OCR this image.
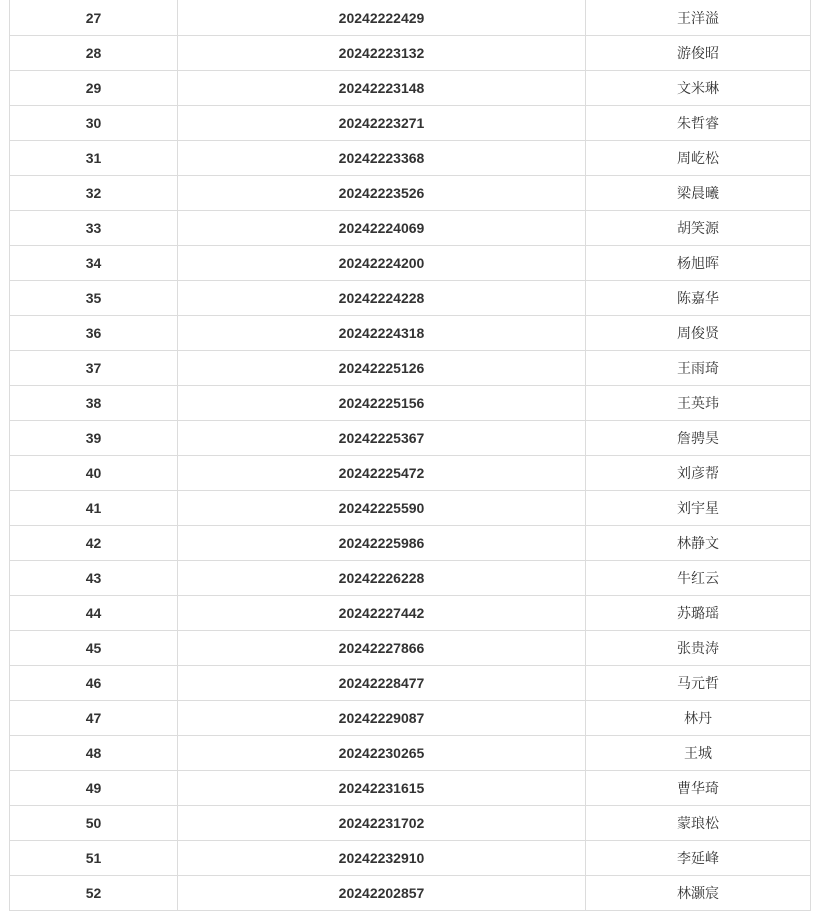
27	20242222429	王洋溢
28	20242223132	游俊昭
29	20242223148	文米琳
30	20242223271	朱哲睿
31	20242223368	周屹松
32	20242223526	梁晨曦
33	20242224069	胡笑源
34	20242224200	杨旭晖
35	20242224228	陈嘉华
36	20242224318	周俊贤
37	20242225126	王雨琦
38	20242225156	王英玮
39	20242225367	詹骋昊
40	20242225472	刘彦帮
41	20242225590	刘宇星
42	20242225986	林静文
43	20242226228	牛红云
44	20242227442	苏璐瑶
45	20242227866	张贵涛
46	20242228477	马元哲
47	20242229087	林丹
48	20242230265	王城
49	20242231615	曹华琦
50	20242231702	蒙琅松
51	20242232910	李延峰
52	20242202857	林灏宸
